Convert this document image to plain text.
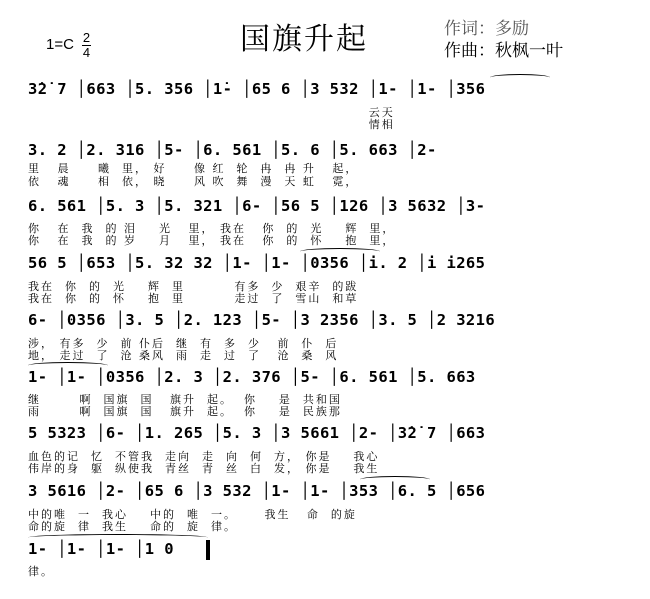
国旗升起
1=C 2
4
作词：多励
作曲：秋枫一叶
3̇2̇ 7 │663 │5. 356 │1̇- │65 6 │3 532 │1- │1- │356
云天
情相
3. 2 │2. 316 │5- │6. 561 │5. 6 │5. 663 │2-
里   晨     曦  里， 好     像 红  轮  冉  冉 升   起，
依   魂     相  依， 晓     风 吹  舞  漫  天 虹   霓，
6. 561 │5. 3 │5. 321 │6- │56 5 │126 │3 5632 │3-
你   在  我  的 泪    光   里， 我在   你  的  光    辉  里，
你   在  我  的 岁    月   里， 我在   你  的  怀    抱  里，
56 5 │653 │5. 32 32 │1- │1- │0356 │i. 2 │i i265
我在  你  的  光    辉  里         有多  少  艰辛  的跋
我在  你  的  怀    抱  里         走过  了  雪山  和草
6- │0356 │3. 5 │2. 123 │5- │3 2356 │3. 5 │2 3216
涉， 有多  少  前 仆后  继  有  多  少   前  仆  后
地， 走过  了  沧 桑风  雨  走  过  了   沧  桑  风
1- │1- │0356 │2. 3 │2. 376 │5- │6. 561 │5. 663
继       啊  国旗  国   旗升  起。  你    是  共和国
雨       啊  国旗  国   旗升  起。  你    是  民族那
5 5323 │6- │1. 265 │5. 3 │3 5661 │2- │3̇2̇ 7 │663
血色的记  忆  不管我  走向  走  向  何  方， 你是    我心
伟岸的身  躯  纵使我  青丝  青  丝  白  发， 你是    我生
3 5616 │2- │65 6 │3 532 │1- │1- │353 │6. 5 │656
中的唯  一  我心    中的  唯  一。     我生   命  的旋
命的旋  律  我生    命的  旋  律。
1- │1- │1- │1 0
律。
